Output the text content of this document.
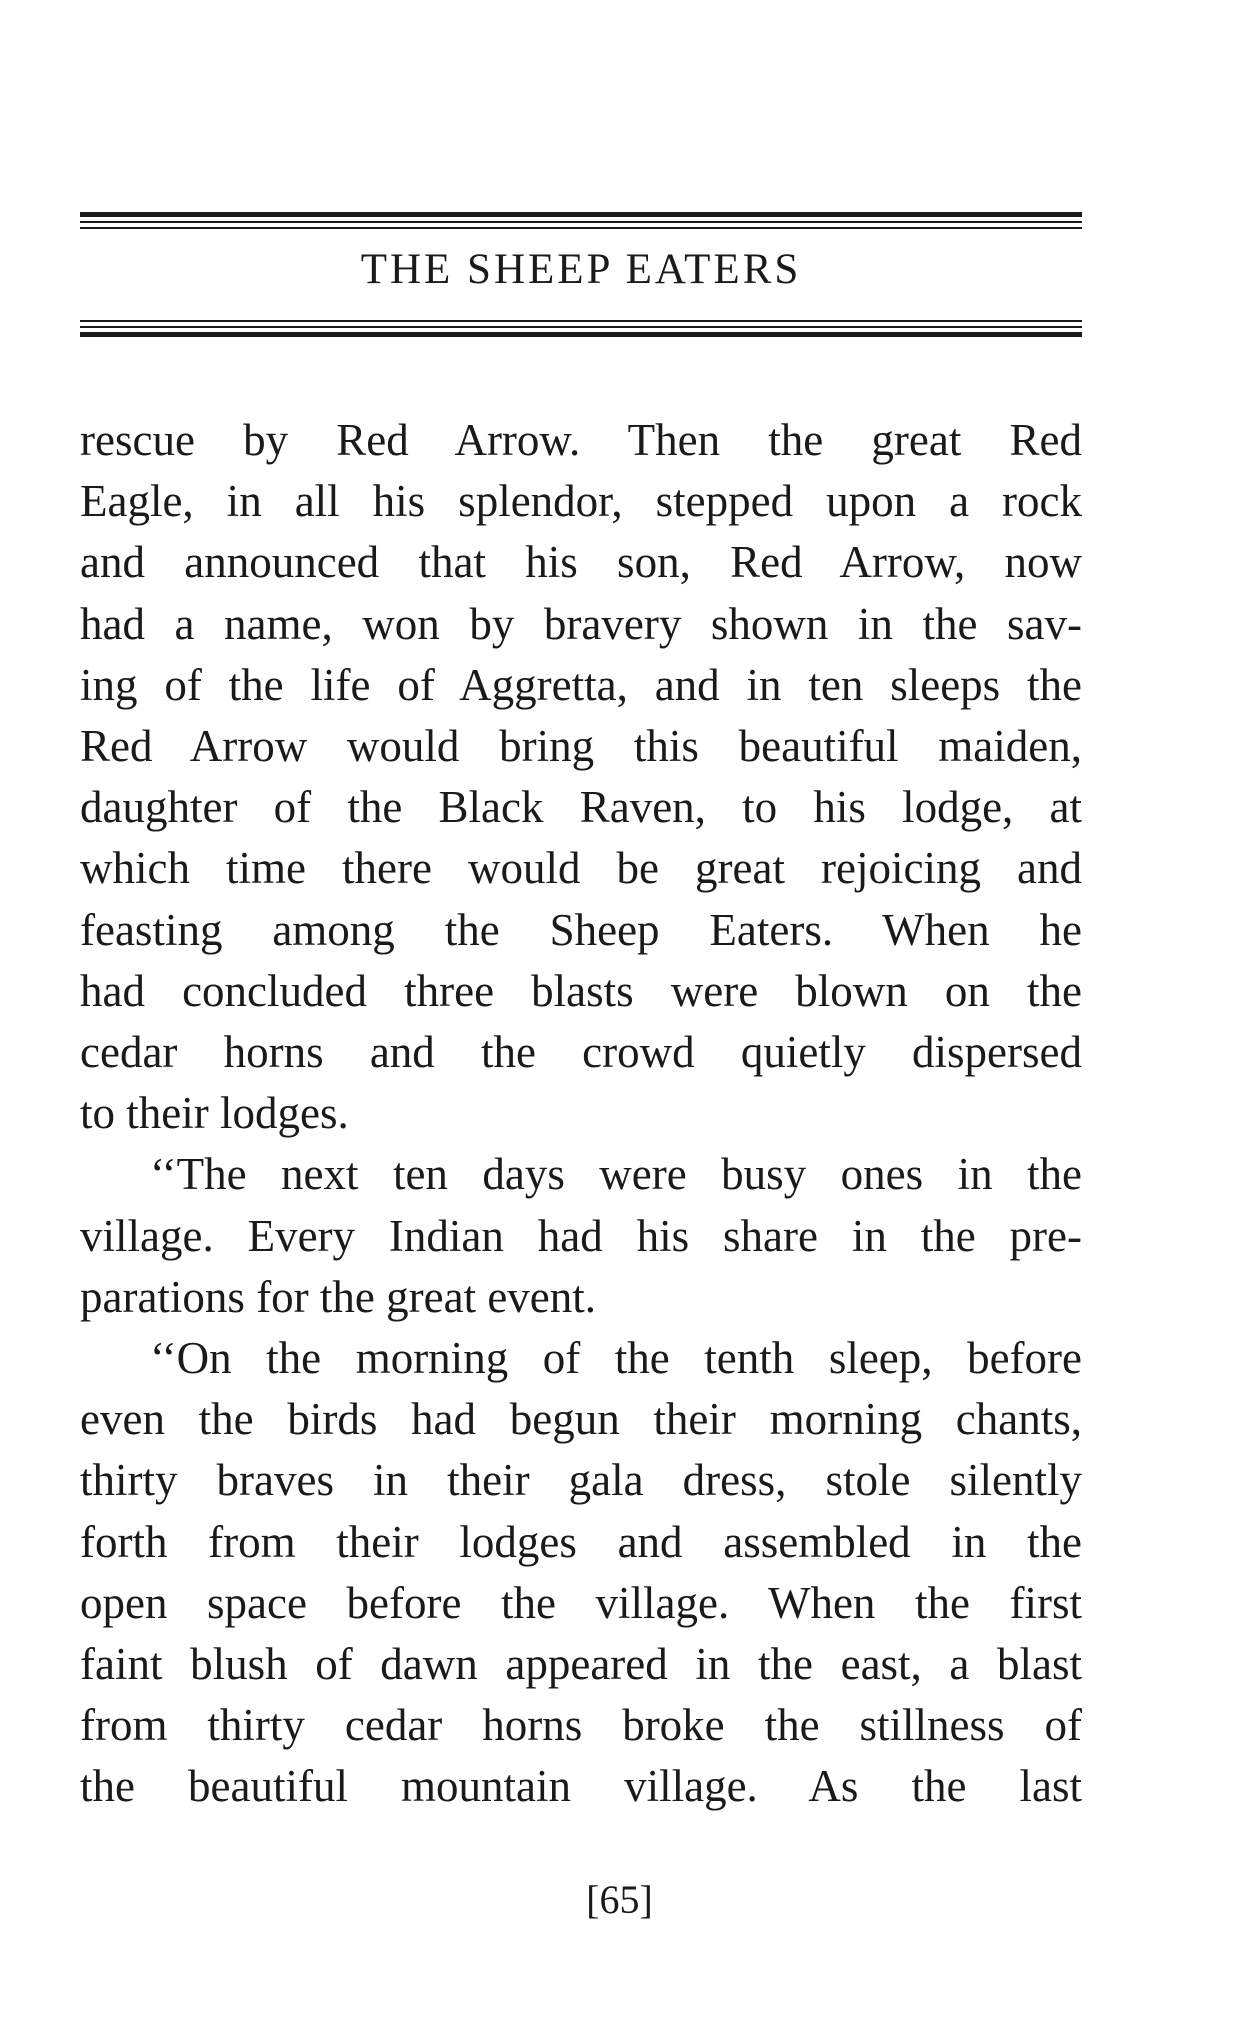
THE SHEEP EATERS

rescue by Red Arrow. Then the great Red
Eagle, in all his splendor, stepped upon a rock
and announced that his son, Red Arrow, now
had a name, won by bravery shown in the sav-
ing of the life of Aggretta, and in ten sleeps the
Red Arrow would bring this beautiful maiden,
daughter of the Black Raven, to his lodge, at
which time there would be great rejoicing and
feasting among the Sheep Eaters. When he
had concluded three blasts were blown on the
cedar horns and the crowd quietly dispersed
to their lodges.

‘‘The next ten days were busy ones in the
village. Every Indian had his share in the pre-
parations for the great event.

‘‘On the morning of the tenth sleep, before
even the birds had begun their morning chants,
thirty braves in their gala dress, stole silently
forth from their lodges and assembled in the
open space before the village. When the first
faint blush of dawn appeared in the east, a blast
from thirty cedar horns broke the stillness of
the beautiful mountain village. As the last

[65]
